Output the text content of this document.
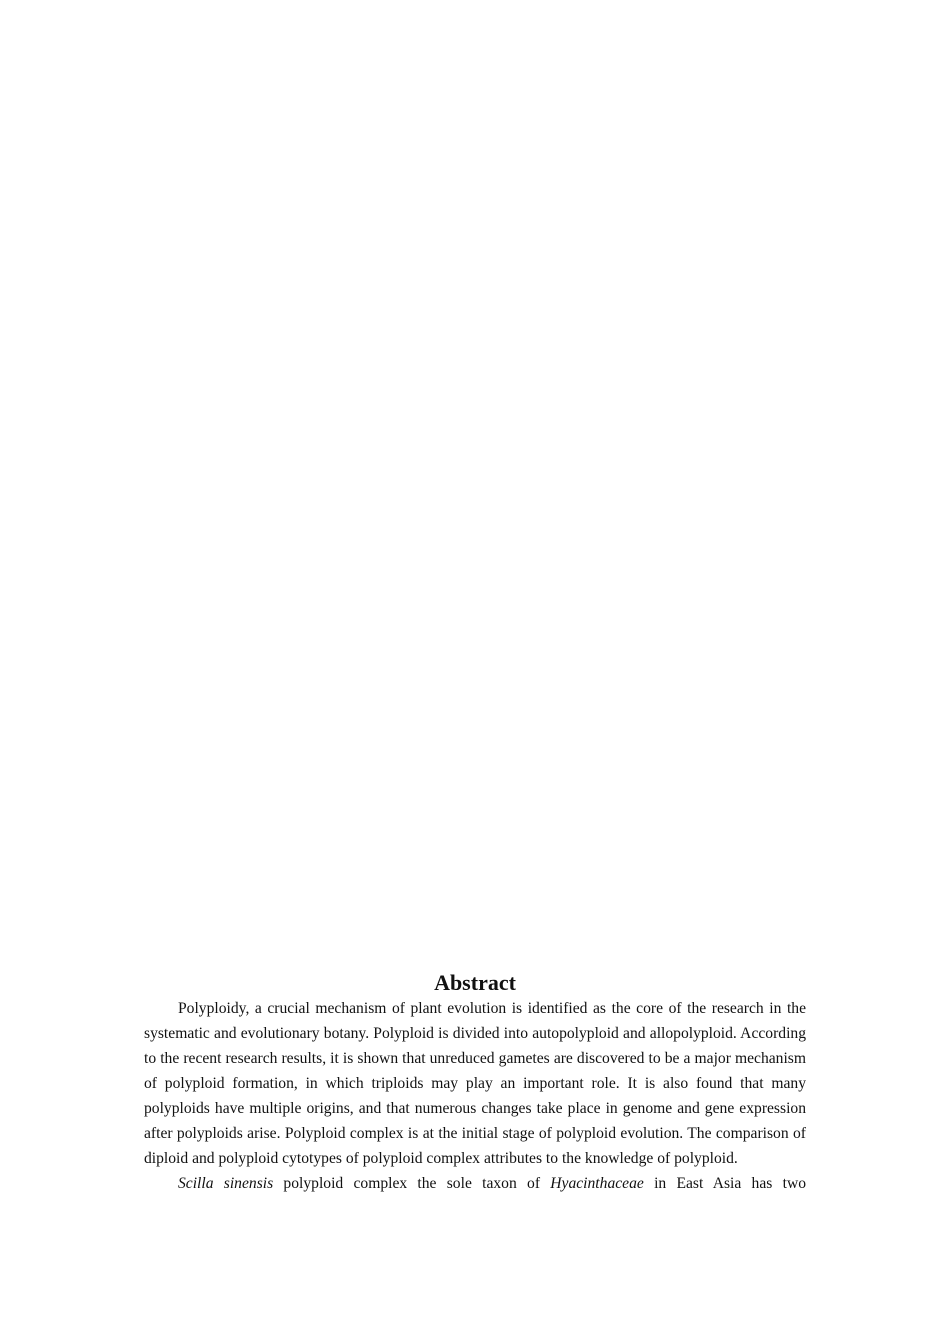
Abstract

Polyploidy, a crucial mechanism of plant evolution is identified as the core of the research in the systematic and evolutionary botany. Polyploid is divided into autopolyploid and allopolyploid. According to the recent research results, it is shown that unreduced gametes are discovered to be a major mechanism of polyploid formation, in which triploids may play an important role. It is also found that many polyploids have multiple origins, and that numerous changes take place in genome and gene expression after polyploids arise. Polyploid complex is at the initial stage of polyploid evolution. The comparison of diploid and polyploid cytotypes of polyploid complex attributes to the knowledge of polyploid.

Scilla sinensis polyploid complex the sole taxon of Hyacinthaceae in East Asia has two
